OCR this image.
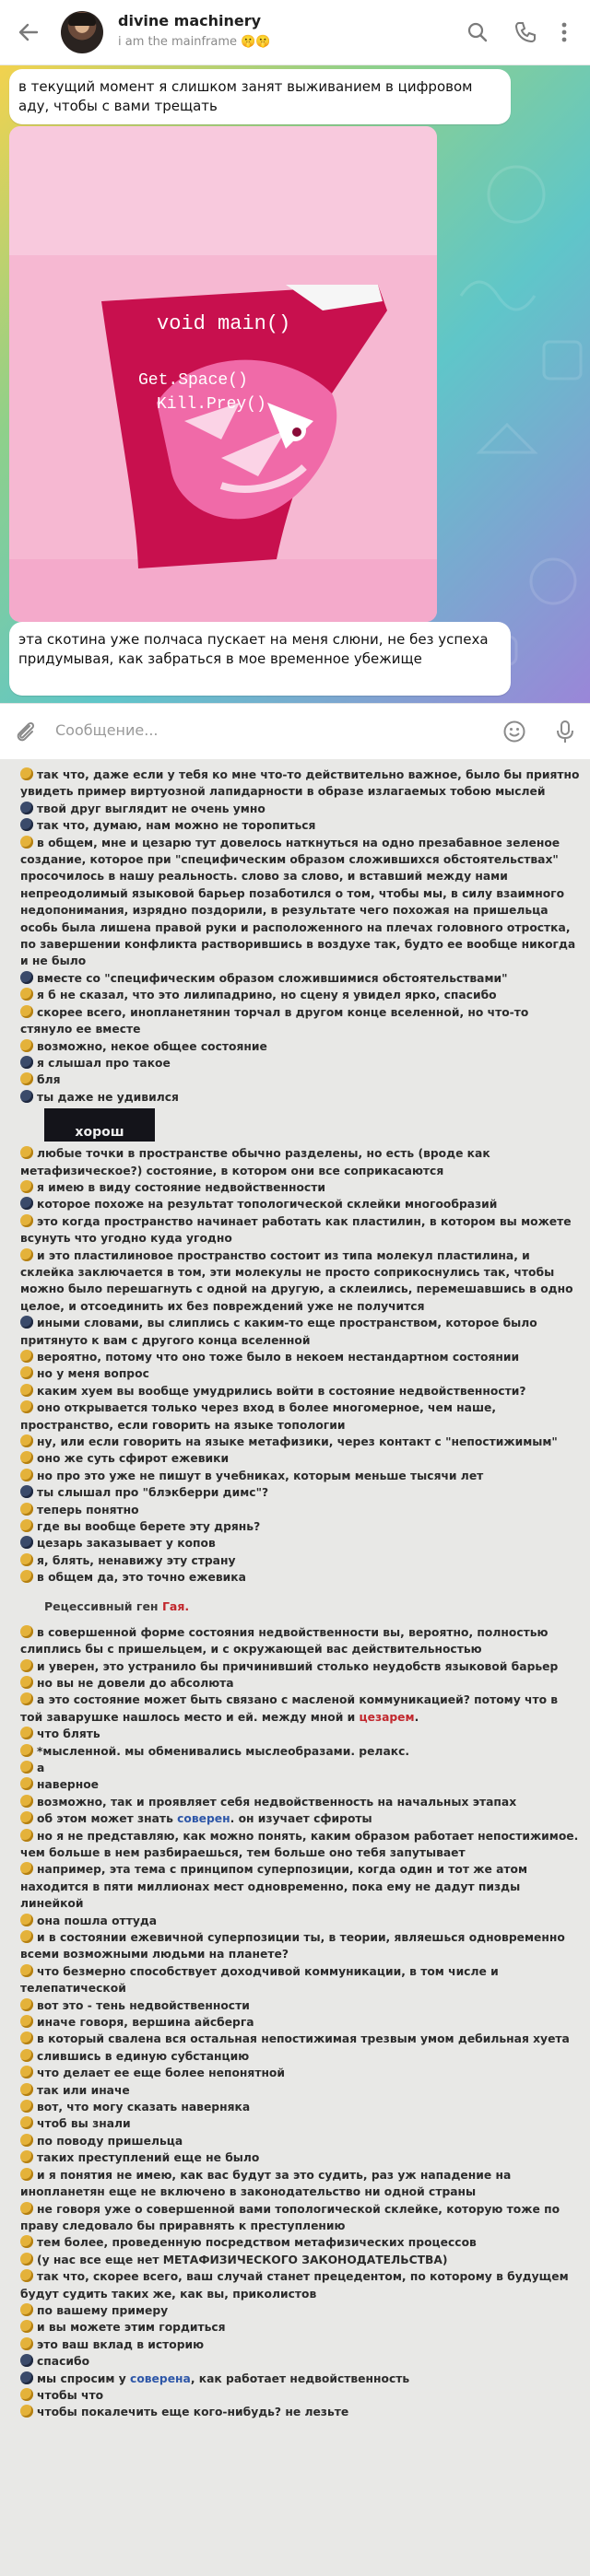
divine machinery
i am the mainframe 🤫🤫
в текущий момент я слишком занят выживанием в цифровом аду, чтобы с вами трещать
void main()
Get.Space()
Kill.Prey()
эта скотина уже полчаса пускает на меня слюни, не без успеха придумывая, как забраться в мое временное убежище
Сообщение...
так что, даже если у тебя ко мне что-то действительно важное, было бы приятно увидеть пример виртуозной лапидарности в образе излагаемых тобою мыслей
твой друг выглядит не очень умно
так что, думаю, нам можно не торопиться
в общем, мне и цезарю тут довелось наткнуться на одно презабавное зеленое создание, которое при "специфическим образом сложившихся обстоятельствах" просочилось в нашу реальность. слово за слово, и вставший между нами непреодолимый языковой барьер позаботился о том, чтобы мы, в силу взаимного недопонимания, изрядно поздорили, в результате чего похожая на пришельца особь была лишена правой руки и расположенного на плечах головного отростка, по завершении конфликта растворившись в воздухе так, будто ее вообще никогда и не было
вместе со "специфическим образом сложившимися обстоятельствами"
я б не сказал, что это лилипадрино, но сцену я увидел ярко, спасибо
скорее всего, инопланетянин торчал в другом конце вселенной, но что-то стянуло ее вместе
возможно, некое общее состояние
я слышал про такое
бля
ты даже не удивился
хорош
любые точки в пространстве обычно разделены, но есть (вроде как метафизическое?) состояние, в котором они все соприкасаются
я имею в виду состояние недвойственности
которое похоже на результат топологической склейки многообразий
это когда пространство начинает работать как пластилин, в котором вы можете всунуть что угодно куда угодно
и это пластилиновое пространство состоит из типа молекул пластилина, и склейка заключается в том, эти молекулы не просто соприкоснулись так, чтобы можно было перешагнуть с одной на другую, а склеились, перемешавшись в одно целое, и отсоединить их без повреждений уже не получится
иными словами, вы слиплись с каким-то еще пространством, которое было притянуто к вам с другого конца вселенной
вероятно, потому что оно тоже было в некоем нестандартном состоянии
но у меня вопрос
каким хуем вы вообще умудрились войти в состояние недвойственности?
оно открывается только через вход в более многомерное, чем наше, пространство, если говорить на языке топологии
ну, или если говорить на языке метафизики, через контакт с "непостижимым"
оно же суть сфирот ежевики
но про это уже не пишут в учебниках, которым меньше тысячи лет
ты слышал про "блэкберри димс"?
теперь понятно
где вы вообще берете эту дрянь?
цезарь заказывает у копов
я, блять, ненавижу эту страну
в общем да, это точно ежевика
Рецессивный ген Гая.
в совершенной форме состояния недвойственности вы, вероятно, полностью слиплись бы с пришельцем, и с окружающей вас действительностью
и уверен, это устранило бы причинивший столько неудобств языковой барьер
но вы не довели до абсолюта
а это состояние может быть связано с масленой коммуникацией? потому что в той заварушке нашлось место и ей. между мной и цезарем.
что блять
*мысленной. мы обменивались мыслеобразами. релакс.
а
наверное
возможно, так и проявляет себя недвойственность на начальных этапах
об этом может знать соверен. он изучает сфироты
но я не представляю, как можно понять, каким образом работает непостижимое. чем больше в нем разбираешься, тем больше оно тебя запутывает
например, эта тема с принципом суперпозиции, когда один и тот же атом находится в пяти миллионах мест одновременно, пока ему не дадут пизды линейкой
она пошла оттуда
и в состоянии ежевичной суперпозиции ты, в теории, являешься одновременно всеми возможными людьми на планете?
что безмерно способствует доходчивой коммуникации, в том числе и телепатической
вот это - тень недвойственности
иначе говоря, вершина айсберга
в который свалена вся остальная непостижимая трезвым умом дебильная хуета
слившись в единую субстанцию
что делает ее еще более непонятной
так или иначе
вот, что могу сказать наверняка
чтоб вы знали
по поводу пришельца
таких преступлений еще не было
и я понятия не имею, как вас будут за это судить, раз уж нападение на инопланетян еще не включено в законодательство ни одной страны
не говоря уже о совершенной вами топологической склейке, которую тоже по праву следовало бы приравнять к преступлению
тем более, проведенную посредством метафизических процессов
(у нас все еще нет МЕТАФИЗИЧЕСКОГО ЗАКОНОДАТЕЛЬСТВА)
так что, скорее всего, ваш случай станет прецедентом, по которому в будущем будут судить таких же, как вы, приколистов
по вашему примеру
и вы можете этим гордиться
это ваш вклад в историю
спасибо
мы спросим у соверена, как работает недвойственность
чтобы что
чтобы покалечить еще кого-нибудь? не лезьте
